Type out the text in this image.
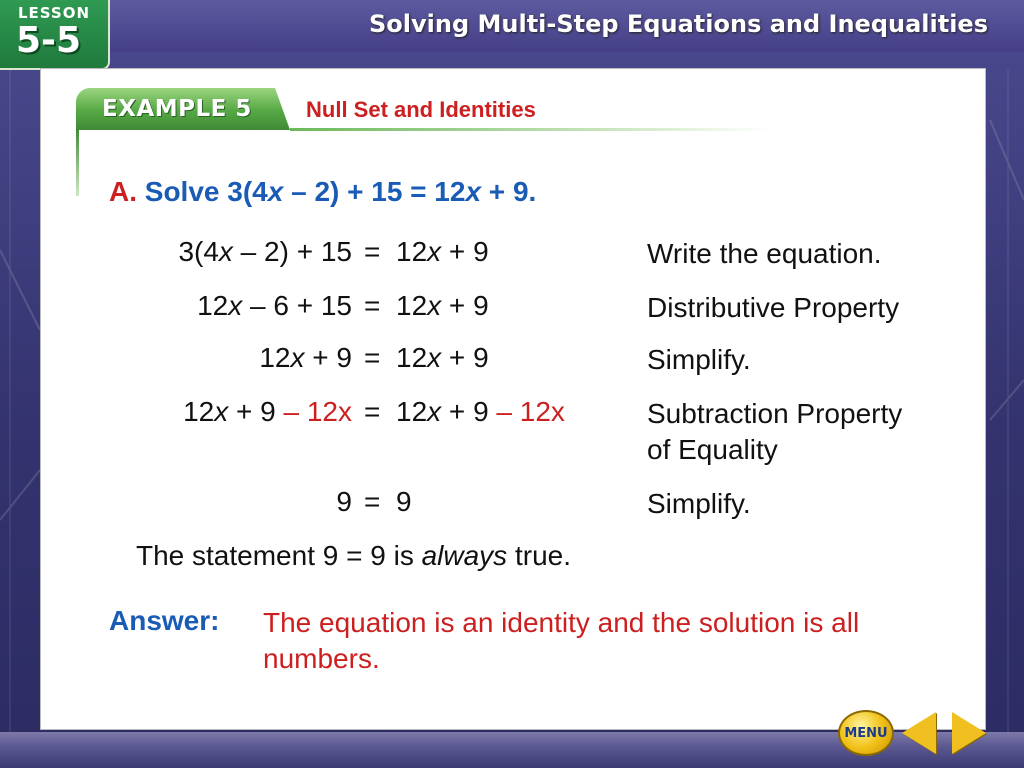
Solving Multi-Step Equations and Inequalities
LESSON
5-5
EXAMPLE 5 Null Set and Identities
A. Solve 3(4x – 2) + 15 = 12x + 9.
3(4x – 2) + 15 = 12x + 9	Write the equation.
12x – 6 + 15 = 12x + 9	Distributive Property
12x + 9 = 12x + 9	Simplify.
12x + 9 – 12x = 12x + 9 – 12x	Subtraction Property
of Equality
9 = 9	Simplify.
The statement 9 = 9 is always true.
Answer: The equation is an identity and the solution is all numbers.
MENU
